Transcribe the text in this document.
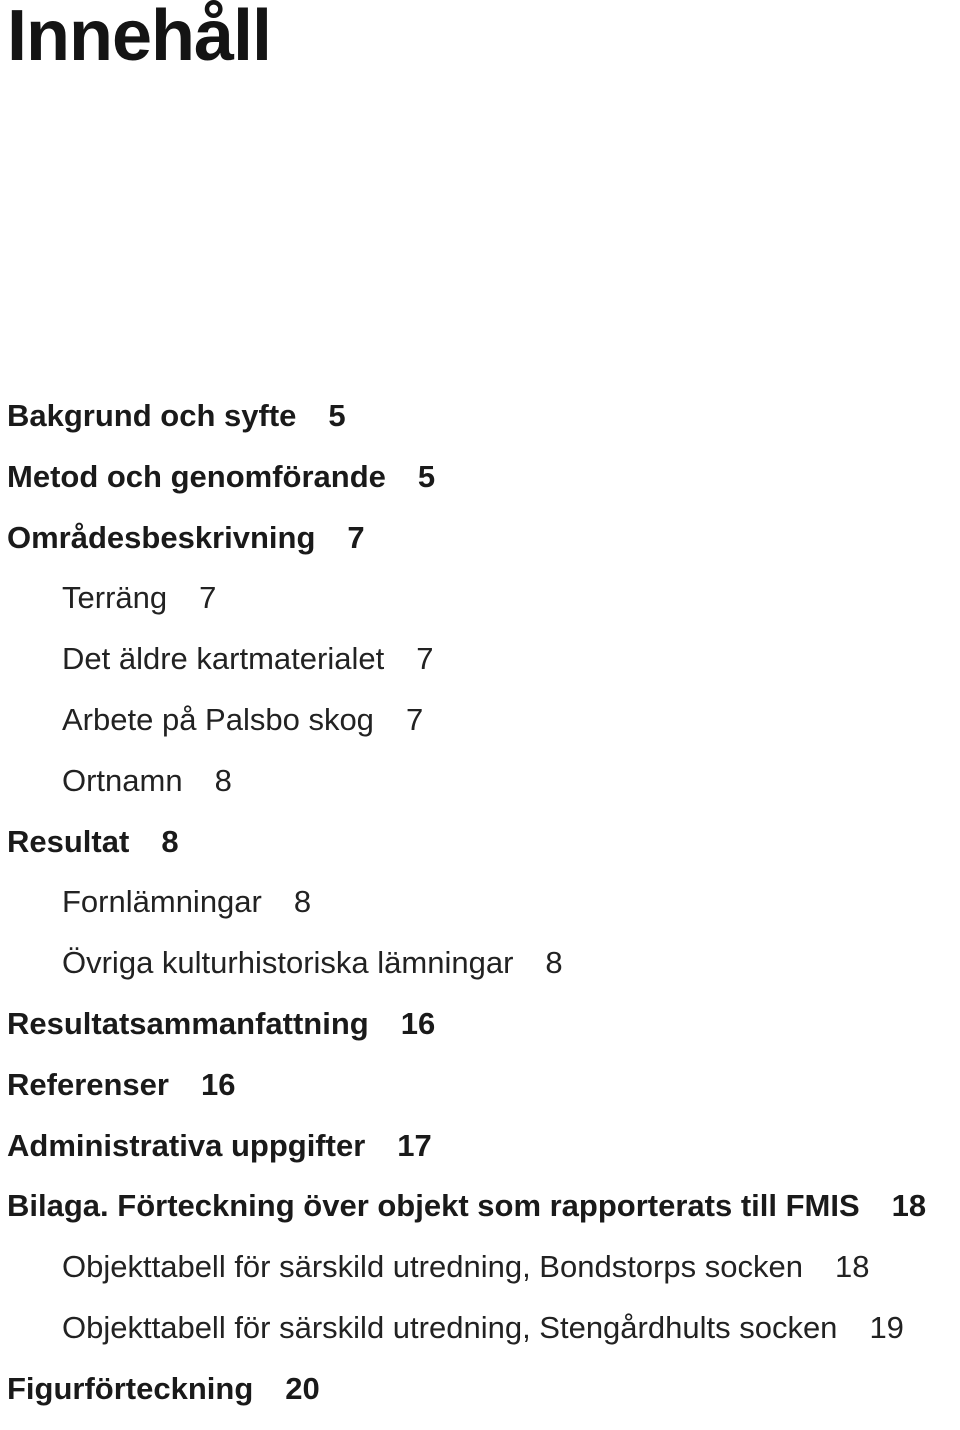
Innehåll
Bakgrund och syfte 5
Metod och genomförande 5
Områdesbeskrivning 7
Terräng 7
Det äldre kartmaterialet 7
Arbete på Palsbo skog 7
Ortnamn 8
Resultat 8
Fornlämningar 8
Övriga kulturhistoriska lämningar 8
Resultatsammanfattning 16
Referenser 16
Administrativa uppgifter 17
Bilaga. Förteckning över objekt som rapporterats till FMIS 18
Objekttabell för särskild utredning, Bondstorps socken 18
Objekttabell för särskild utredning, Stengårdhults socken 19
Figurförteckning 20
